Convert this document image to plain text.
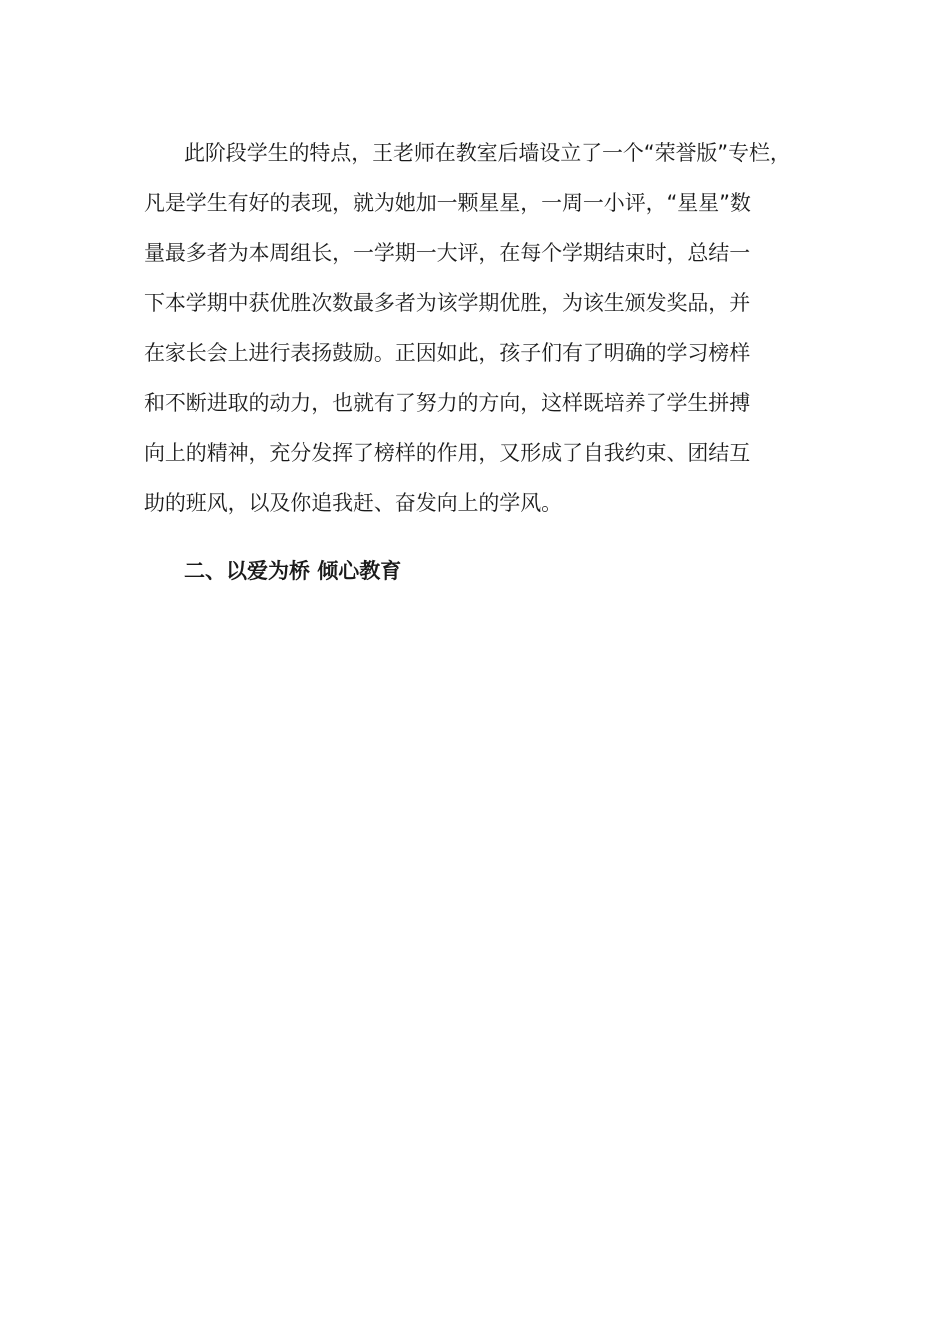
此阶段学生的特点，王老师在教室后墙设立了一个“荣誉版”专栏，
凡是学生有好的表现，就为她加一颗星星，一周一小评，“星星”数
量最多者为本周组长，一学期一大评，在每个学期结束时，总结一
下本学期中获优胜次数最多者为该学期优胜，为该生颁发奖品，并
在家长会上进行表扬鼓励。正因如此，孩子们有了明确的学习榜样
和不断进取的动力，也就有了努力的方向，这样既培养了学生拼搏
向上的精神，充分发挥了榜样的作用，又形成了自我约束、团结互
助的班风，以及你追我赶、奋发向上的学风。
二、以爱为桥 倾心教育
